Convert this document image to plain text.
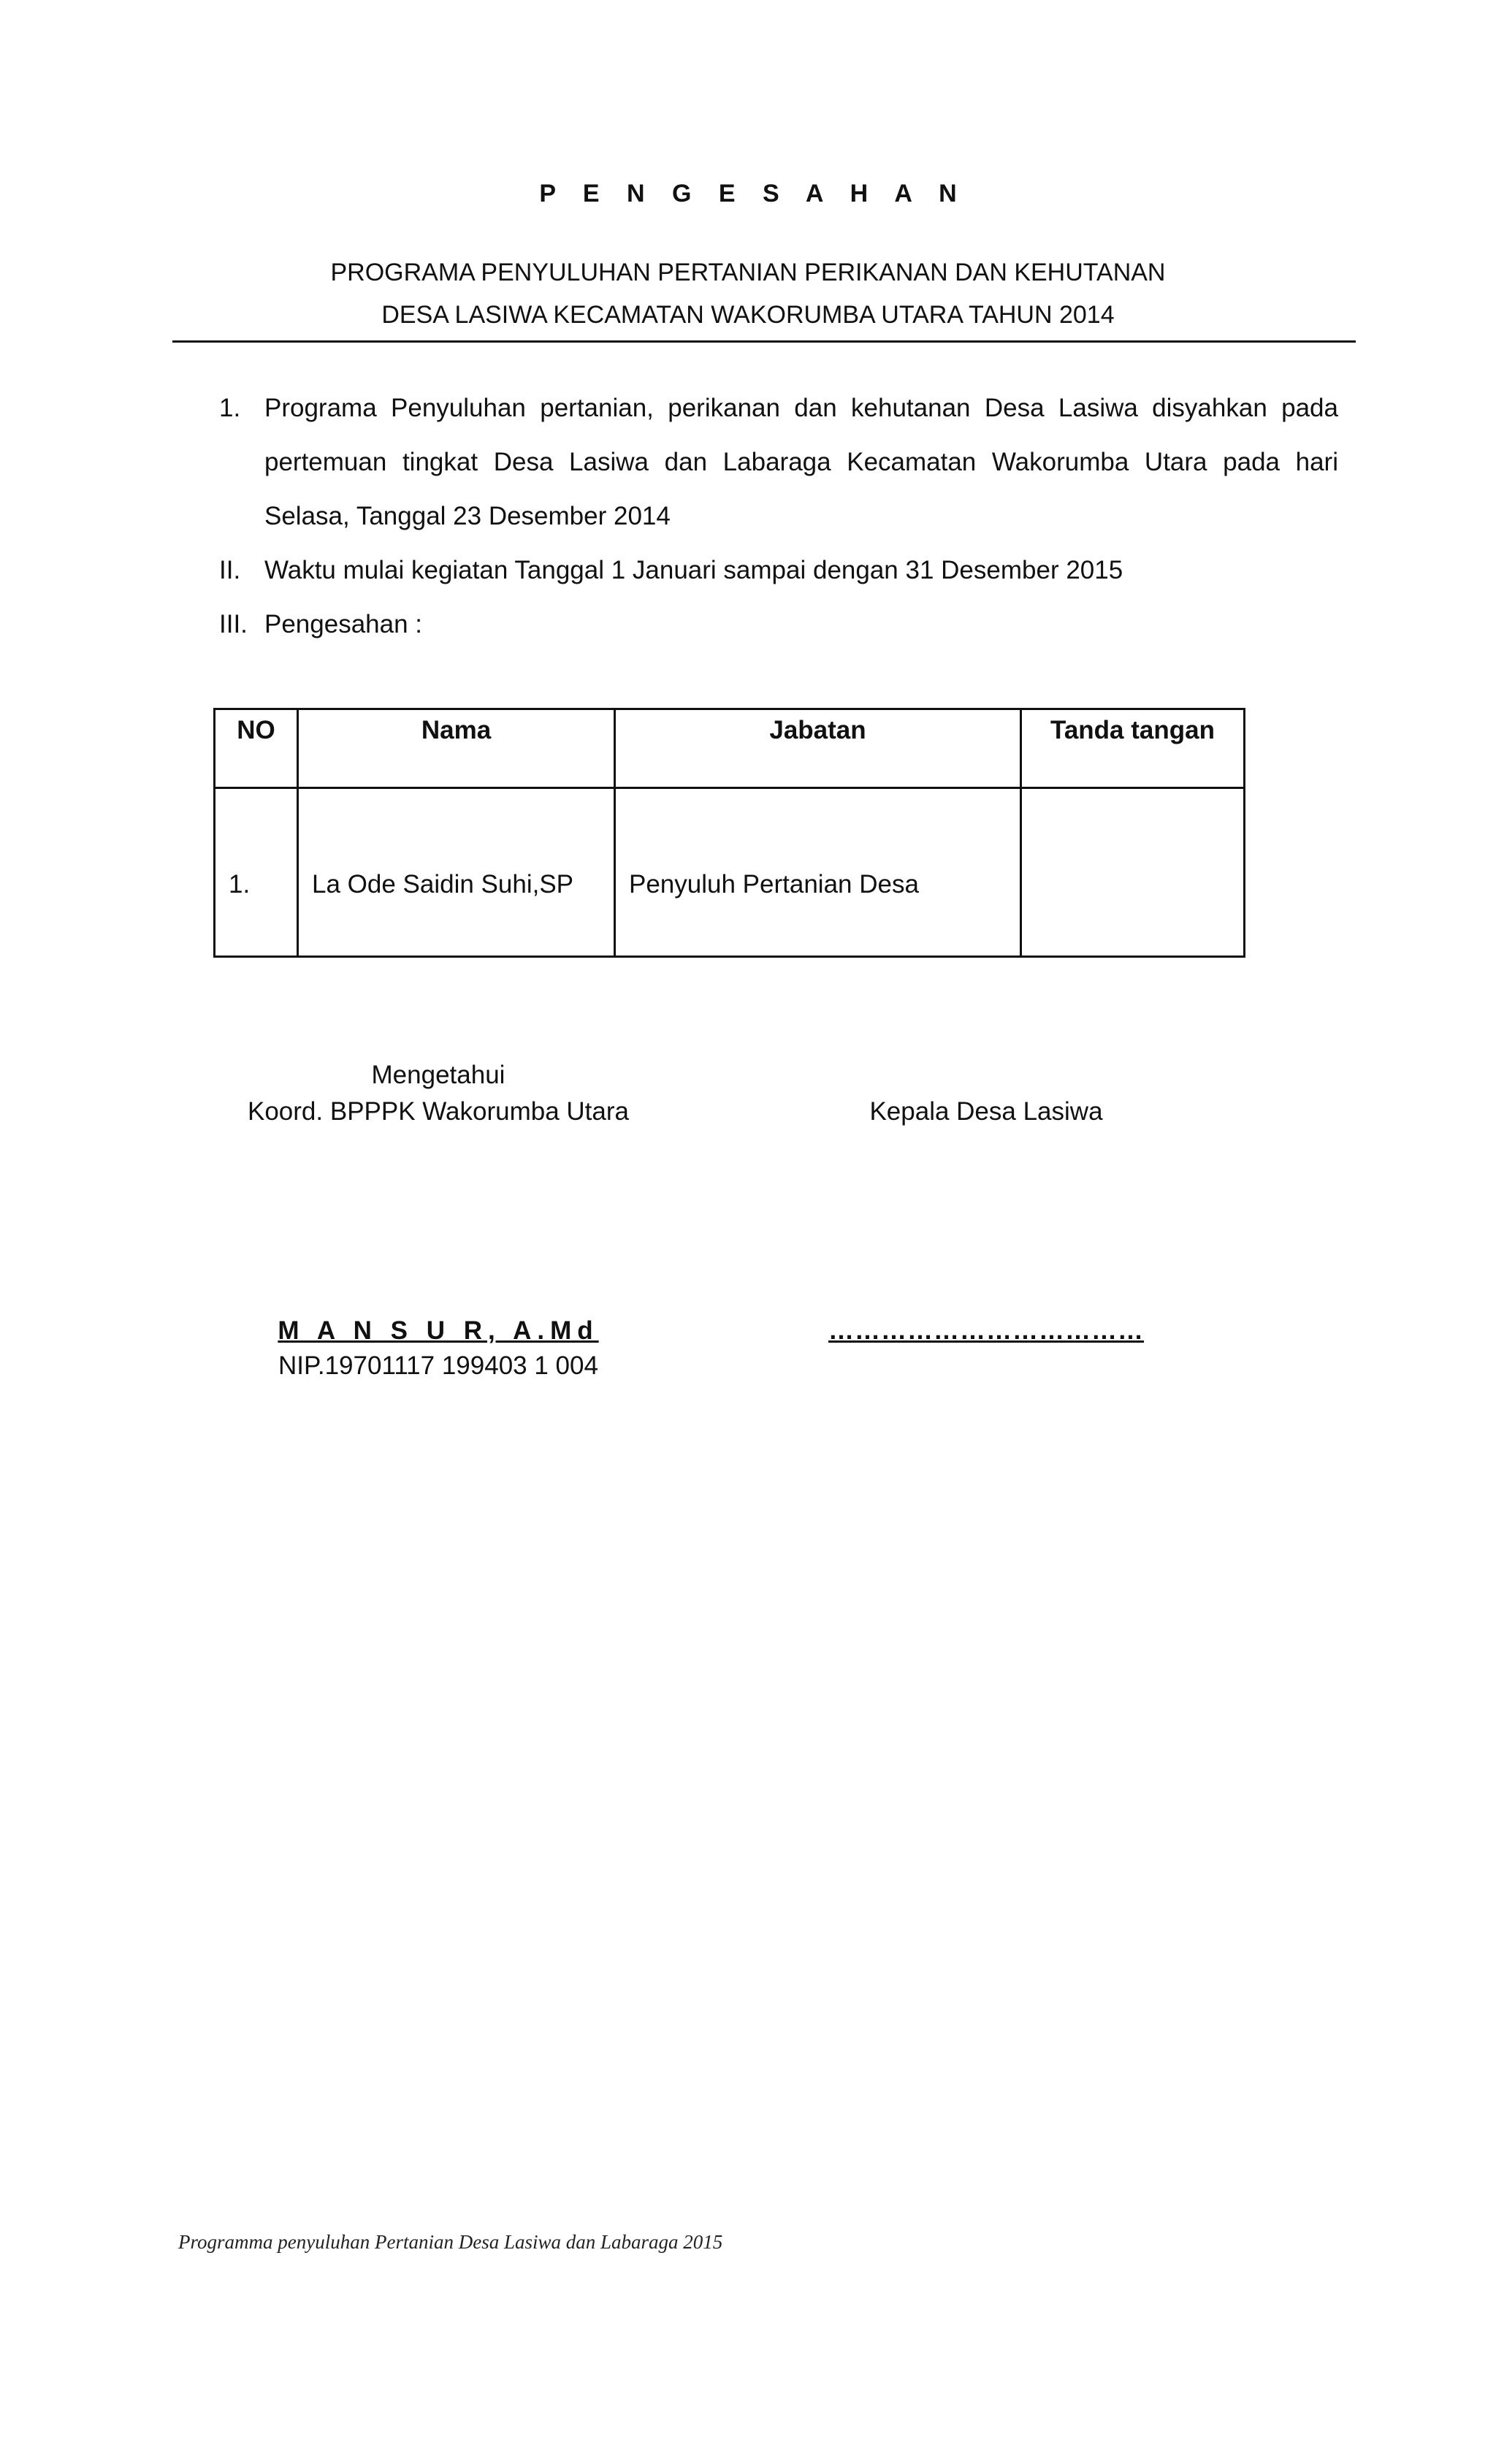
P E N G E S A H A N
PROGRAMA PENYULUHAN PERTANIAN PERIKANAN DAN KEHUTANAN
DESA LASIWA KECAMATAN WAKORUMBA UTARA TAHUN 2014
1. Programa Penyuluhan pertanian, perikanan dan kehutanan Desa Lasiwa disyahkan pada
pertemuan tingkat Desa Lasiwa dan Labaraga Kecamatan Wakorumba Utara pada hari
Selasa, Tanggal 23 Desember 2014
II. Waktu mulai kegiatan Tanggal 1 Januari sampai dengan 31 Desember 2015
III. Pengesahan :
NO	Nama	Jabatan	Tanda tangan
1.	La Ode Saidin Suhi,SP	Penyuluh Pertanian Desa	
Mengetahui
Koord. BPPPK Wakorumba Utara	Kepala Desa Lasiwa
M A N S U R, A.Md
NIP.19701117 199403 1 004
………………………………
Programma penyuluhan Pertanian Desa Lasiwa dan Labaraga 2015
